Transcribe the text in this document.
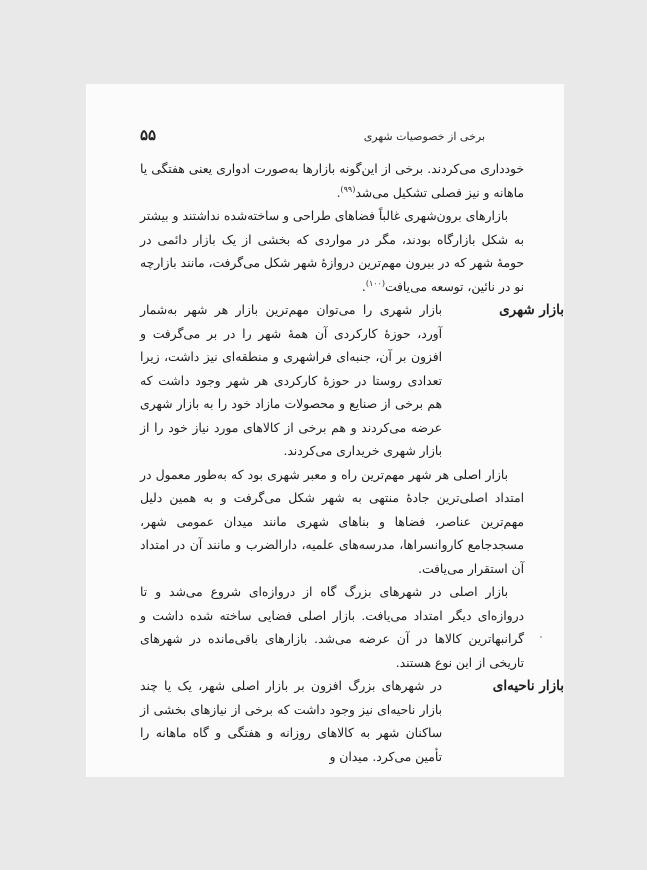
برخی از خصوصیات شهری
۵۵

خودداری می‌کردند. برخی از این‌گونه بازارها به‌صورت ادواری یعنی هفتگی یا ماهانه و نیز فصلی تشکیل می‌شد$^{(۹۹)}$.

بازارهای برون‌شهری غالباً فضاهای طراحی و ساخته‌شده نداشتند و بیشتر به شکل بازارگاه بودند، مگر در مواردی که بخشی از یک بازار دائمی در حومهٔ شهر که در بیرون مهم‌ترین دروازهٔ شهر شکل می‌گرفت، مانند بازارچه نو در نائین، توسعه می‌یافت$^{(۱۰۰)}$.

بازار شهری

بازار شهری را می‌توان مهم‌ترین بازار هر شهر به‌شمار آورد، حوزهٔ کارکردی آن همهٔ شهر را در بر می‌گرفت و افزون بر آن، جنبه‌ای فراشهری و منطقه‌ای نیز داشت، زیرا تعدادی روستا در حوزهٔ کارکردی هر شهر وجود داشت که هم برخی از صنایع و محصولات مازاد خود را به بازار شهری عرضه می‌کردند و هم برخی از کالاهای مورد نیاز خود را از بازار شهری خریداری می‌کردند.

بازار اصلی هر شهر مهم‌ترین راه و معبر شهری بود که به‌طور معمول در امتداد اصلی‌ترین جادهٔ منتهی به شهر شکل می‌گرفت و به همین دلیل مهم‌ترین عناصر، فضاها و بناهای شهری مانند میدان عمومی شهر، مسجدجامع کاروانسراها، مدرسه‌های علمیه، دارالضرب و مانند آن در امتداد آن استقرار می‌یافت.

بازار اصلی در شهرهای بزرگ گاه از دروازه‌ای شروع می‌شد و تا دروازه‌ای دیگر امتداد می‌یافت. بازار اصلی فضایی ساخته شده داشت و گرانبهاترین کالاها در آن عرضه می‌شد. بازارهای باقی‌مانده در شهرهای تاریخی از این نوع هستند.

بازار ناحیه‌ای

در شهرهای بزرگ افزون بر بازار اصلی شهر، یک یا چند بازار ناحیه‌ای نیز وجود داشت که برخی از نیازهای بخشی از ساکنان شهر به کالاهای روزانه و هفتگی و گاه ماهانه را تأمین می‌کرد. میدان و
